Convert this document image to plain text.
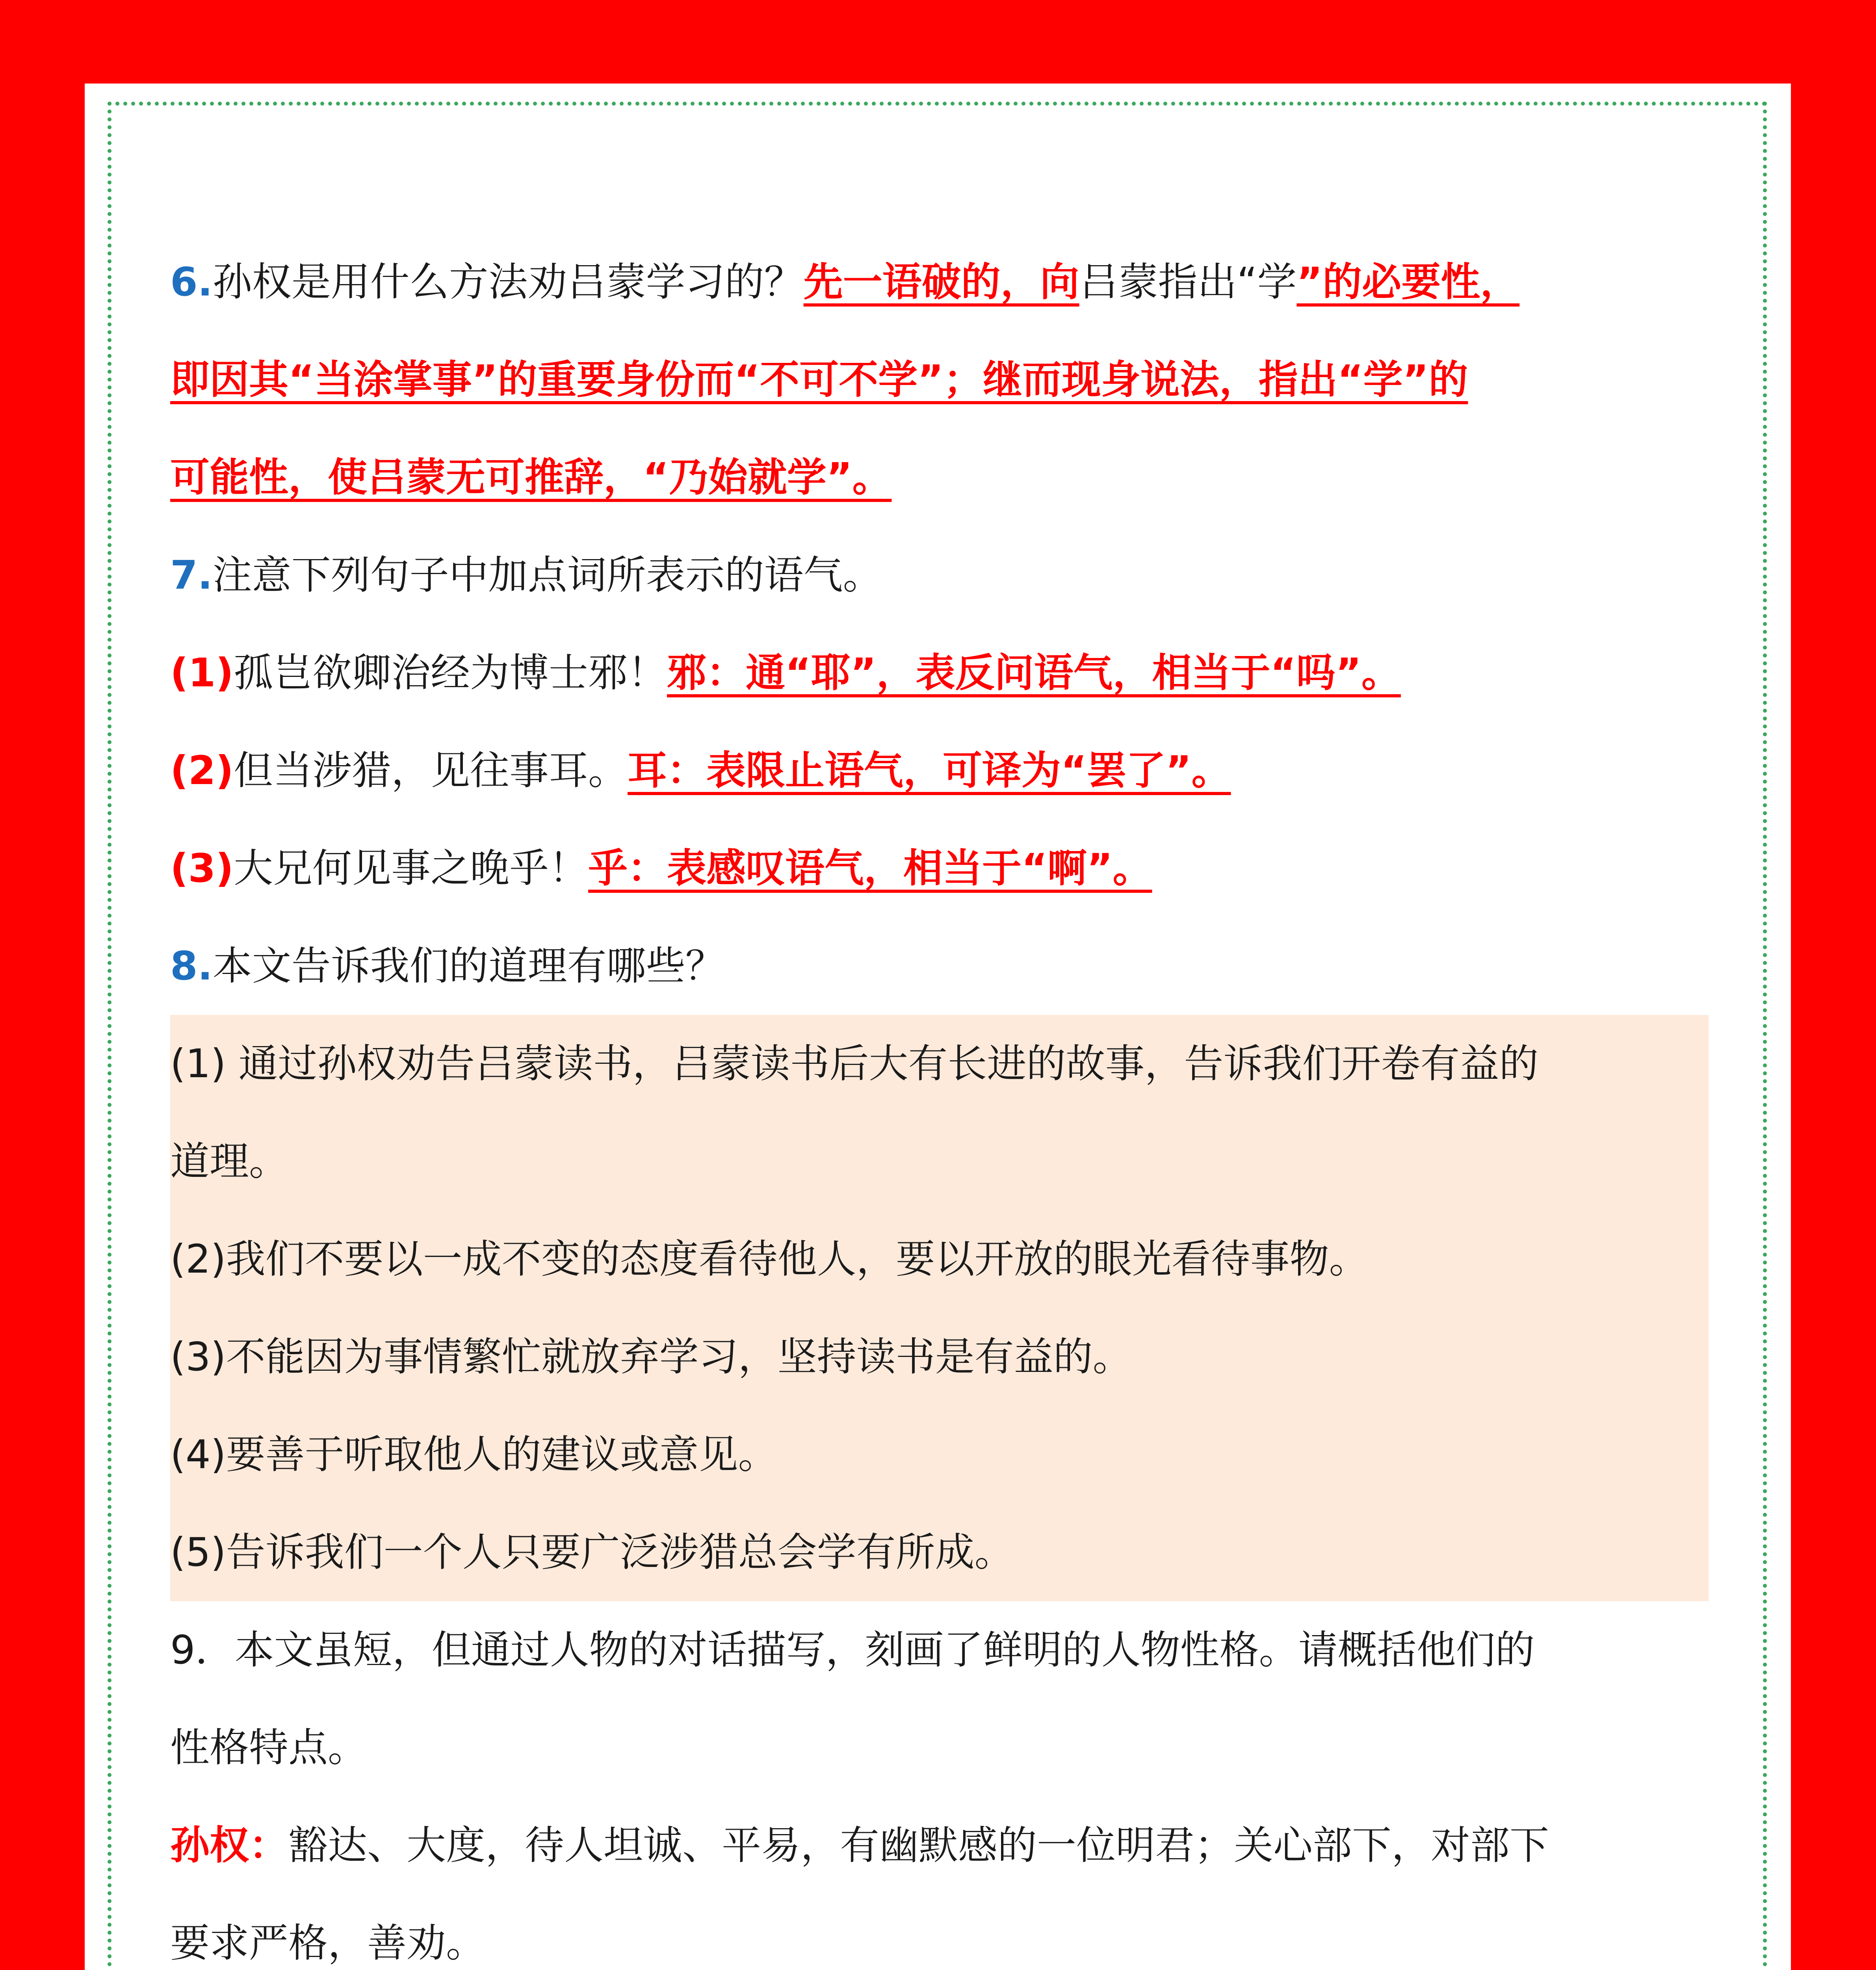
6.孙权是用什么方法劝吕蒙学习的？先一语破的，向吕蒙指出“学”的必要性，
即因其“当涂掌事”的重要身份而“不可不学”；继而现身说法，指出“学”的
可能性，使吕蒙无可推辞，“乃始就学”。
7.注意下列句子中加点词所表示的语气。
(1)孤岂欲卿治经为博士邪！邪：通“耶”，表反问语气，相当于“吗”。
(2)但当涉猎，见往事耳。耳：表限止语气，可译为“罢了”。
(3)大兄何见事之晚乎！乎：表感叹语气，相当于“啊”。
8.本文告诉我们的道理有哪些？
(1) 通过孙权劝告吕蒙读书，吕蒙读书后大有长进的故事，告诉我们开卷有益的
道理。
(2)我们不要以一成不变的态度看待他人，要以开放的眼光看待事物。
(3)不能因为事情繁忙就放弃学习，坚持读书是有益的。
(4)要善于听取他人的建议或意见。
(5)告诉我们一个人只要广泛涉猎总会学有所成。
9．本文虽短，但通过人物的对话描写，刻画了鲜明的人物性格。请概括他们的
性格特点。
孙权：豁达、大度，待人坦诚、平易，有幽默感的一位明君；关心部下，对部下
要求严格，善劝。
